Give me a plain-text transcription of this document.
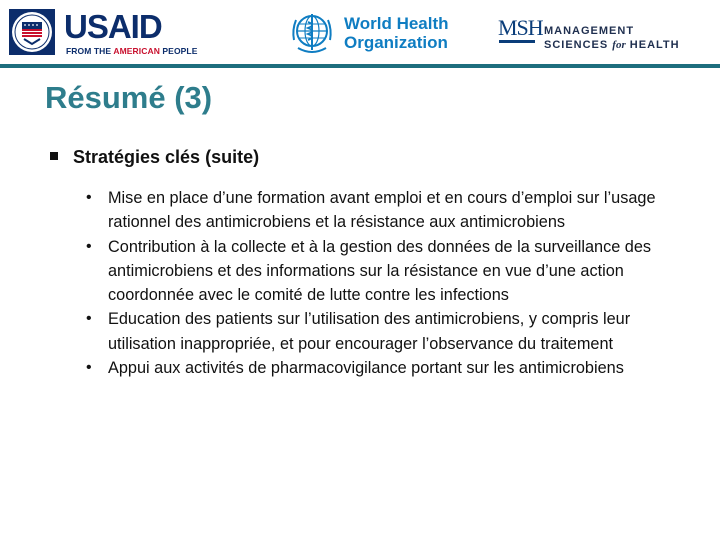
USAID
FROM THE AMERICAN PEOPLE
World Health
Organization
MSH MANAGEMENT
SCIENCES for HEALTH
Résumé (3)
Stratégies clés (suite)
• Mise en place d’une formation avant emploi et en cours d’emploi sur l’usage rationnel des antimicrobiens et la résistance aux antimicrobiens
• Contribution à la collecte et à la gestion des données de la surveillance des antimicrobiens et des informations sur la résistance en vue d’une action coordonnée avec le comité de lutte contre les infections
• Education des patients sur l’utilisation des antimicrobiens, y compris leur utilisation inappropriée, et pour encourager l’observance du traitement
• Appui aux activités de pharmacovigilance portant sur les antimicrobiens
